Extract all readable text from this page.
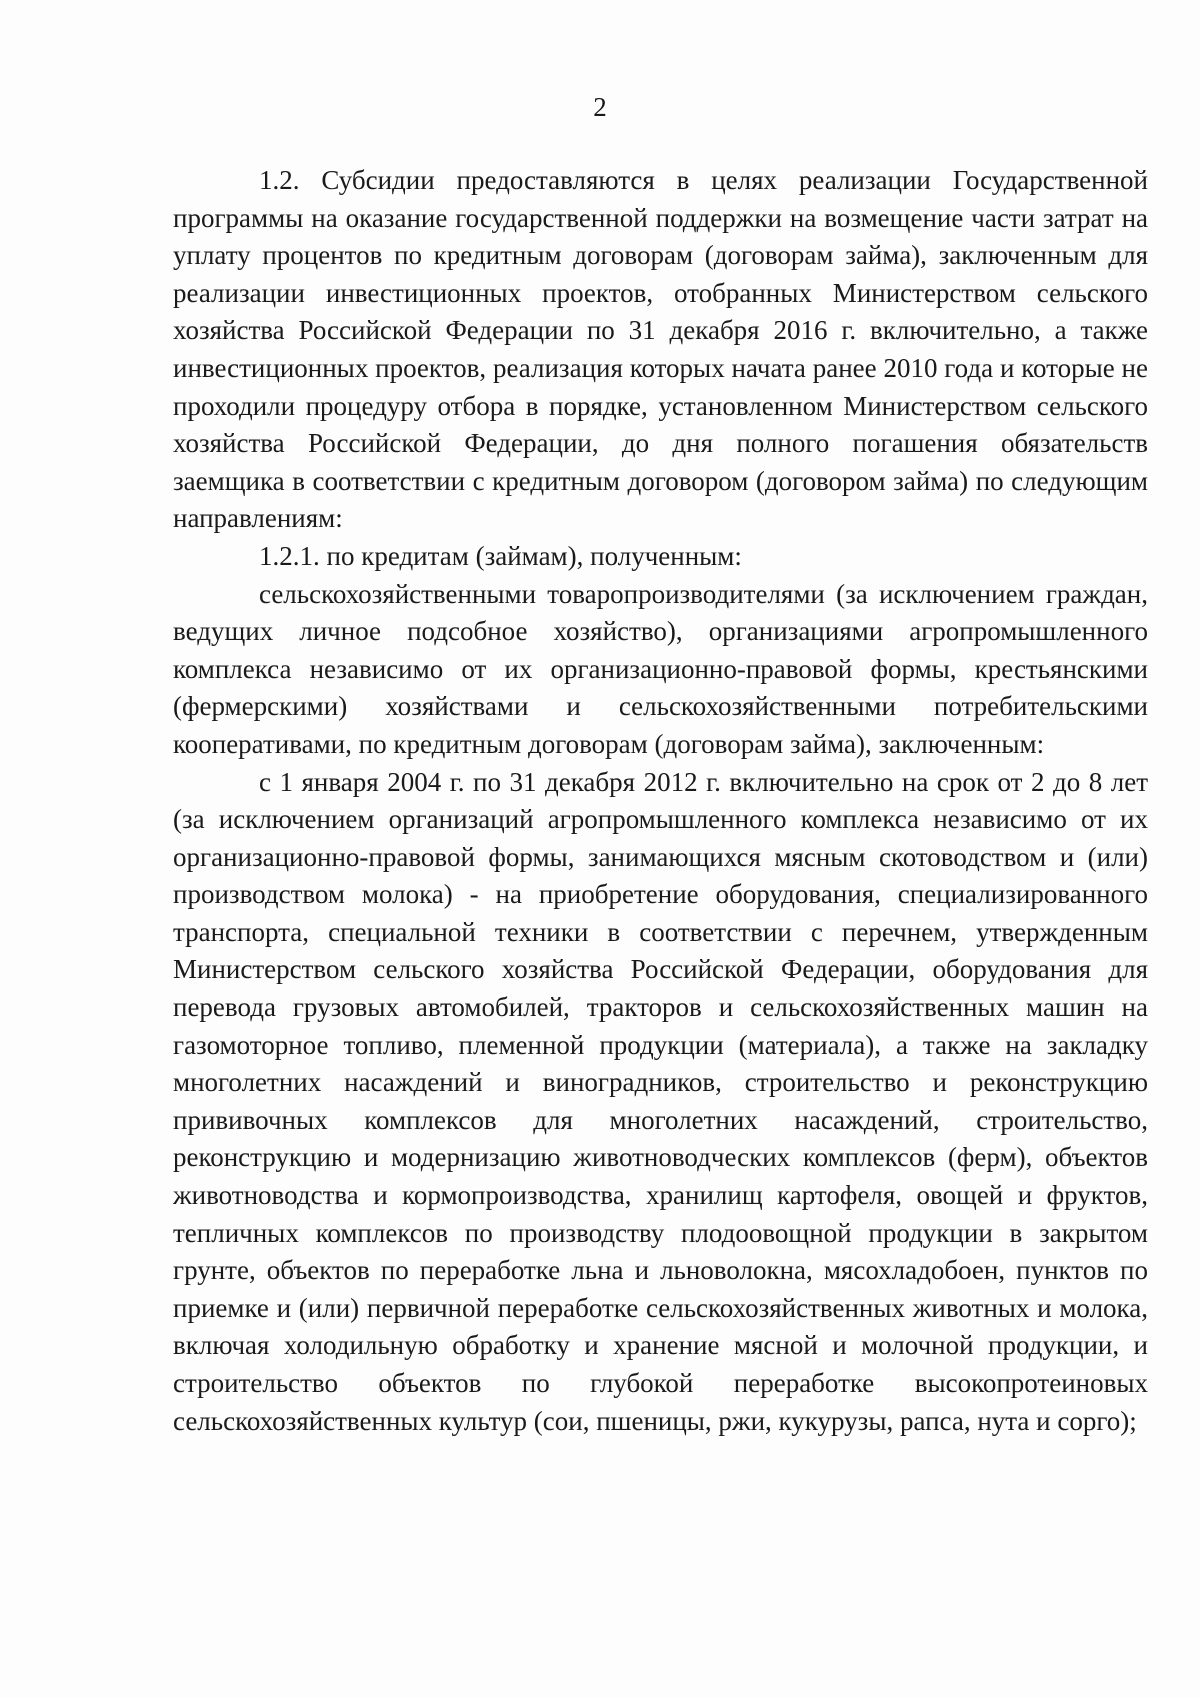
2

1.2. Субсидии предоставляются в целях реализации Государственной программы на оказание государственной поддержки на возмещение части затрат на уплату процентов по кредитным договорам (договорам займа), заключенным для реализации инвестиционных проектов, отобранных Министерством сельского хозяйства Российской Федерации по 31 декабря 2016 г. включительно, а также инвестиционных проектов, реализация которых начата ранее 2010 года и которые не проходили процедуру отбора в порядке, установленном Министерством сельского хозяйства Российской Федерации, до дня полного погашения обязательств заемщика в соответствии с кредитным договором (договором займа) по следующим направлениям:

1.2.1. по кредитам (займам), полученным:

сельскохозяйственными товаропроизводителями (за исключением граждан, ведущих личное подсобное хозяйство), организациями агропромышленного комплекса независимо от их организационно-правовой формы, крестьянскими (фермерскими) хозяйствами и сельскохозяйственными потребительскими кооперативами, по кредитным договорам (договорам займа), заключенным:

с 1 января 2004 г. по 31 декабря 2012 г. включительно на срок от 2 до 8 лет (за исключением организаций агропромышленного комплекса независимо от их организационно-правовой формы, занимающихся мясным скотоводством и (или) производством молока) - на приобретение оборудования, специализированного транспорта, специальной техники в соответствии с перечнем, утвержденным Министерством сельского хозяйства Российской Федерации, оборудования для перевода грузовых автомобилей, тракторов и сельскохозяйственных машин на газомоторное топливо, племенной продукции (материала), а также на закладку многолетних насаждений и виноградников, строительство и реконструкцию прививочных комплексов для многолетних насаждений, строительство, реконструкцию и модернизацию животноводческих комплексов (ферм), объектов животноводства и кормопроизводства, хранилищ картофеля, овощей и фруктов, тепличных комплексов по производству плодоовощной продукции в закрытом грунте, объектов по переработке льна и льноволокна, мясохладобоен, пунктов по приемке и (или) первичной переработке сельскохозяйственных животных и молока, включая холодильную обработку и хранение мясной и молочной продукции, и строительство объектов по глубокой переработке высокопротеиновых сельскохозяйственных культур (сои, пшеницы, ржи, кукурузы, рапса, нута и сорго);
